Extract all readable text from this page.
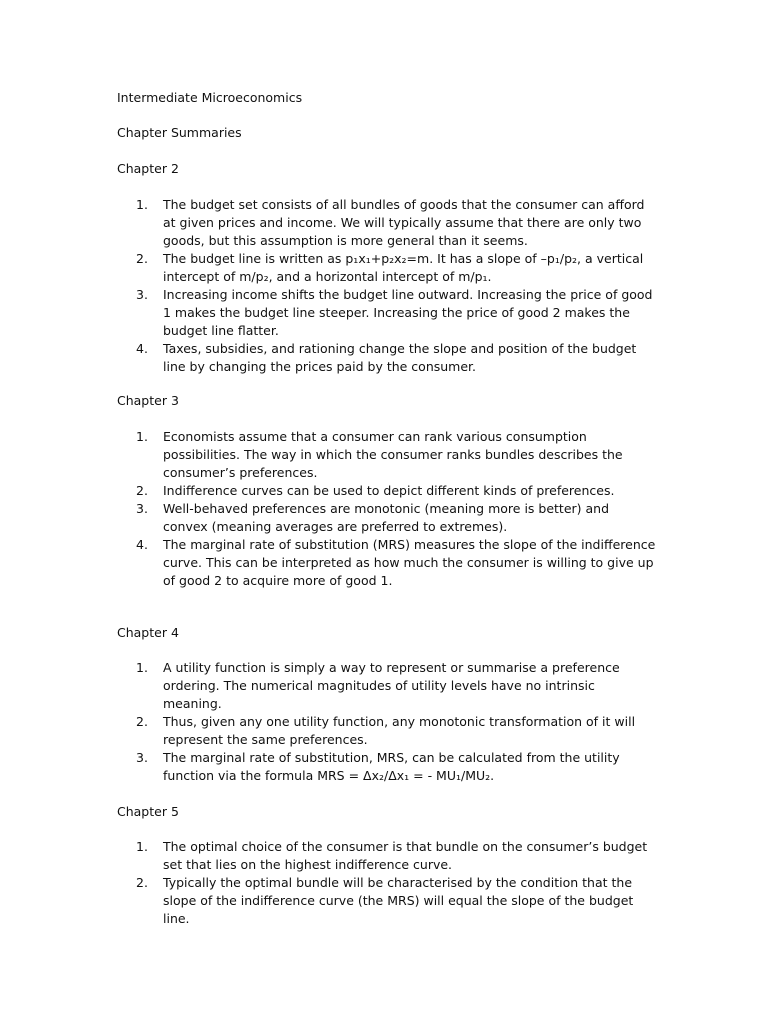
Intermediate Microeconomics
Chapter Summaries
Chapter 2
1. The budget set consists of all bundles of goods that the consumer can afford at given prices and income. We will typically assume that there are only two goods, but this assumption is more general than it seems.
2. The budget line is written as p₁x₁+p₂x₂=m. It has a slope of –p₁/p₂, a vertical intercept of m/p₂, and a horizontal intercept of m/p₁.
3. Increasing income shifts the budget line outward. Increasing the price of good 1 makes the budget line steeper. Increasing the price of good 2 makes the budget line flatter.
4. Taxes, subsidies, and rationing change the slope and position of the budget line by changing the prices paid by the consumer.
Chapter 3
1. Economists assume that a consumer can rank various consumption possibilities. The way in which the consumer ranks bundles describes the consumer’s preferences.
2. Indifference curves can be used to depict different kinds of preferences.
3. Well-behaved preferences are monotonic (meaning more is better) and convex (meaning averages are preferred to extremes).
4. The marginal rate of substitution (MRS) measures the slope of the indifference curve. This can be interpreted as how much the consumer is willing to give up of good 2 to acquire more of good 1.
Chapter 4
1. A utility function is simply a way to represent or summarise a preference ordering. The numerical magnitudes of utility levels have no intrinsic meaning.
2. Thus, given any one utility function, any monotonic transformation of it will represent the same preferences.
3. The marginal rate of substitution, MRS, can be calculated from the utility function via the formula MRS = Δx₂/Δx₁ = - MU₁/MU₂.
Chapter 5
1. The optimal choice of the consumer is that bundle on the consumer’s budget set that lies on the highest indifference curve.
2. Typically the optimal bundle will be characterised by the condition that the slope of the indifference curve (the MRS) will equal the slope of the budget line.
